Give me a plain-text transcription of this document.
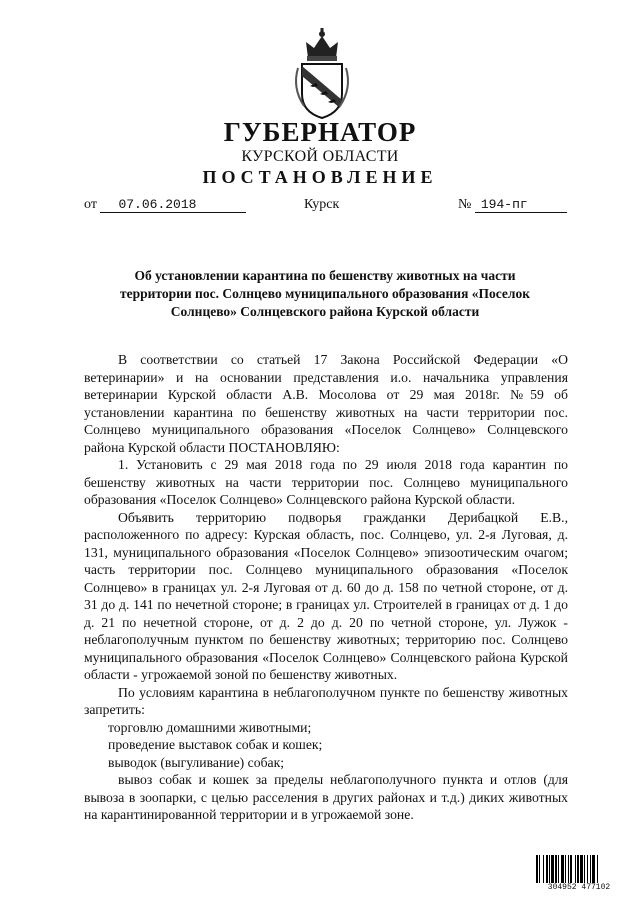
ГУБЕРНАТОР
КУРСКОЙ ОБЛАСТИ
ПОСТАНОВЛЕНИЕ
от 07.06.2018	Курск	№ 194-пг
Об установлении карантина по бешенству животных на части территории пос. Солнцево муниципального образования «Поселок Солнцево» Солнцевского района Курской области

В соответствии со статьей 17 Закона Российской Федерации «О ветеринарии» и на основании представления и.о. начальника управления ветеринарии Курской области А.В. Мосолова от 29 мая 2018г. №59 об установлении карантина по бешенству животных на части территории пос. Солнцево муниципального образования «Поселок Солнцево» Солнцевского района Курской области ПОСТАНОВЛЯЮ:

1. Установить с 29 мая 2018 года по 29 июля 2018 года карантин по бешенству животных на части территории пос. Солнцево муниципального образования «Поселок Солнцево» Солнцевского района Курской области.

Объявить территорию подворья гражданки Дерибацкой Е.В., расположенного по адресу: Курская область, пос. Солнцево, ул. 2-я Луговая, д. 131, муниципального образования «Поселок Солнцево» эпизоотическим очагом; часть территории пос. Солнцево муниципального образования «Поселок Солнцево» в границах ул. 2-я Луговая от д. 60 до д. 158 по четной стороне, от д. 31 до д. 141 по нечетной стороне; в границах ул. Строителей в границах от д. 1 до д. 21 по нечетной стороне, от д. 2 до д. 20 по четной стороне, ул. Лужок - неблагополучным пунктом по бешенству животных; территорию пос. Солнцево муниципального образования «Поселок Солнцево» Солнцевского района Курской области - угрожаемой зоной по бешенству животных.

По условиям карантина в неблагополучном пункте по бешенству животных запретить:

торговлю домашними животными;

проведение выставок собак и кошек;

выводок (выгуливание) собак;

вывоз собак и кошек за пределы неблагополучного пункта и отлов (для вывоза в зоопарки, с целью расселения в других районах и т.д.) диких животных на карантинированной территории и в угрожаемой зоне.

304952 477102
